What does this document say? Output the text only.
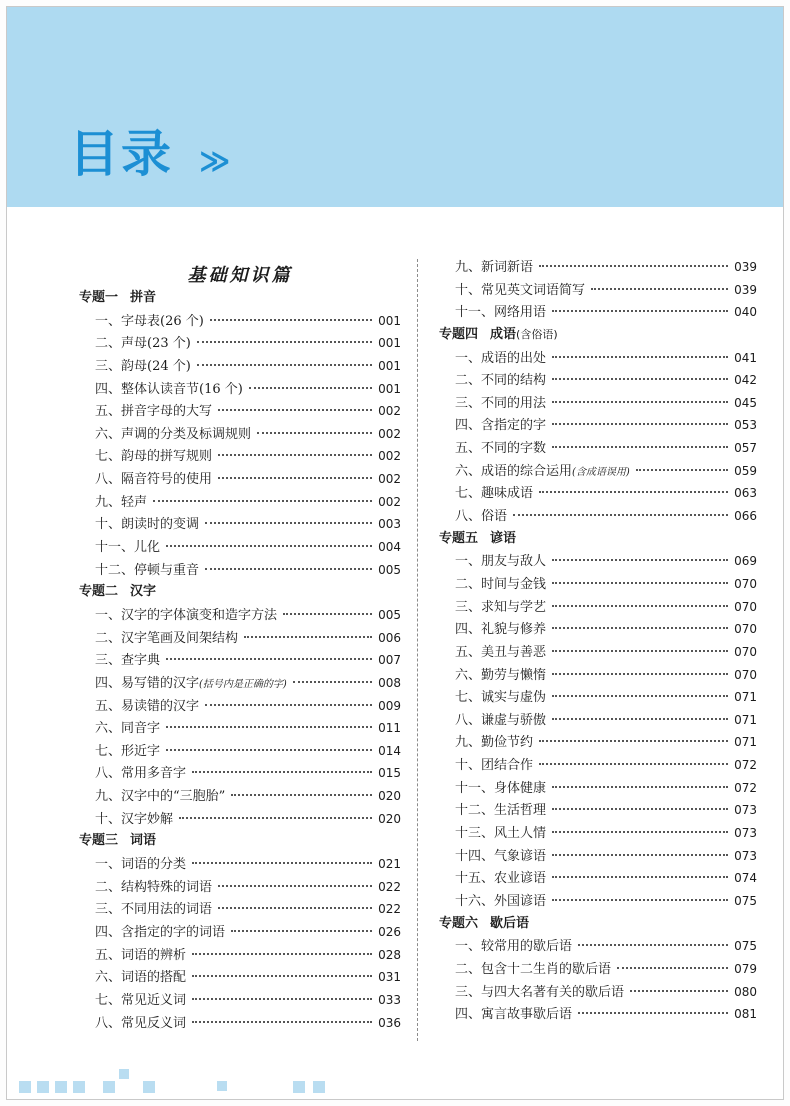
目录 ≫
基础知识篇
专题一 拼音
一、字母表(26 个)	001
二、声母(23 个)	001
三、韵母(24 个)	001
四、整体认读音节(16 个)	001
五、拼音字母的大写	002
六、声调的分类及标调规则	002
七、韵母的拼写规则	002
八、隔音符号的使用	002
九、轻声	002
十、朗读时的变调	003
十一、儿化	004
十二、停顿与重音	005
专题二 汉字
一、汉字的字体演变和造字方法	005
二、汉字笔画及间架结构	006
三、查字典	007
四、易写错的汉字(括号内是正确的字)	008
五、易读错的汉字	009
六、同音字	011
七、形近字	014
八、常用多音字	015
九、汉字中的“三胞胎”	020
十、汉字妙解	020
专题三 词语
一、词语的分类	021
二、结构特殊的词语	022
三、不同用法的词语	022
四、含指定的字的词语	026
五、词语的辨析	028
六、词语的搭配	031
七、常见近义词	033
八、常见反义词	036
九、新词新语	039
十、常见英文词语简写	039
十一、网络用语	040
专题四 成语(含俗语)
一、成语的出处	041
二、不同的结构	042
三、不同的用法	045
四、含指定的字	053
五、不同的字数	057
六、成语的综合运用(含成语误用)	059
七、趣味成语	063
八、俗语	066
专题五 谚语
一、朋友与敌人	069
二、时间与金钱	070
三、求知与学艺	070
四、礼貌与修养	070
五、美丑与善恶	070
六、勤劳与懒惰	070
七、诚实与虚伪	071
八、谦虚与骄傲	071
九、勤俭节约	071
十、团结合作	072
十一、身体健康	072
十二、生活哲理	073
十三、风土人情	073
十四、气象谚语	073
十五、农业谚语	074
十六、外国谚语	075
专题六 歇后语
一、较常用的歇后语	075
二、包含十二生肖的歇后语	079
三、与四大名著有关的歇后语	080
四、寓言故事歇后语	081
